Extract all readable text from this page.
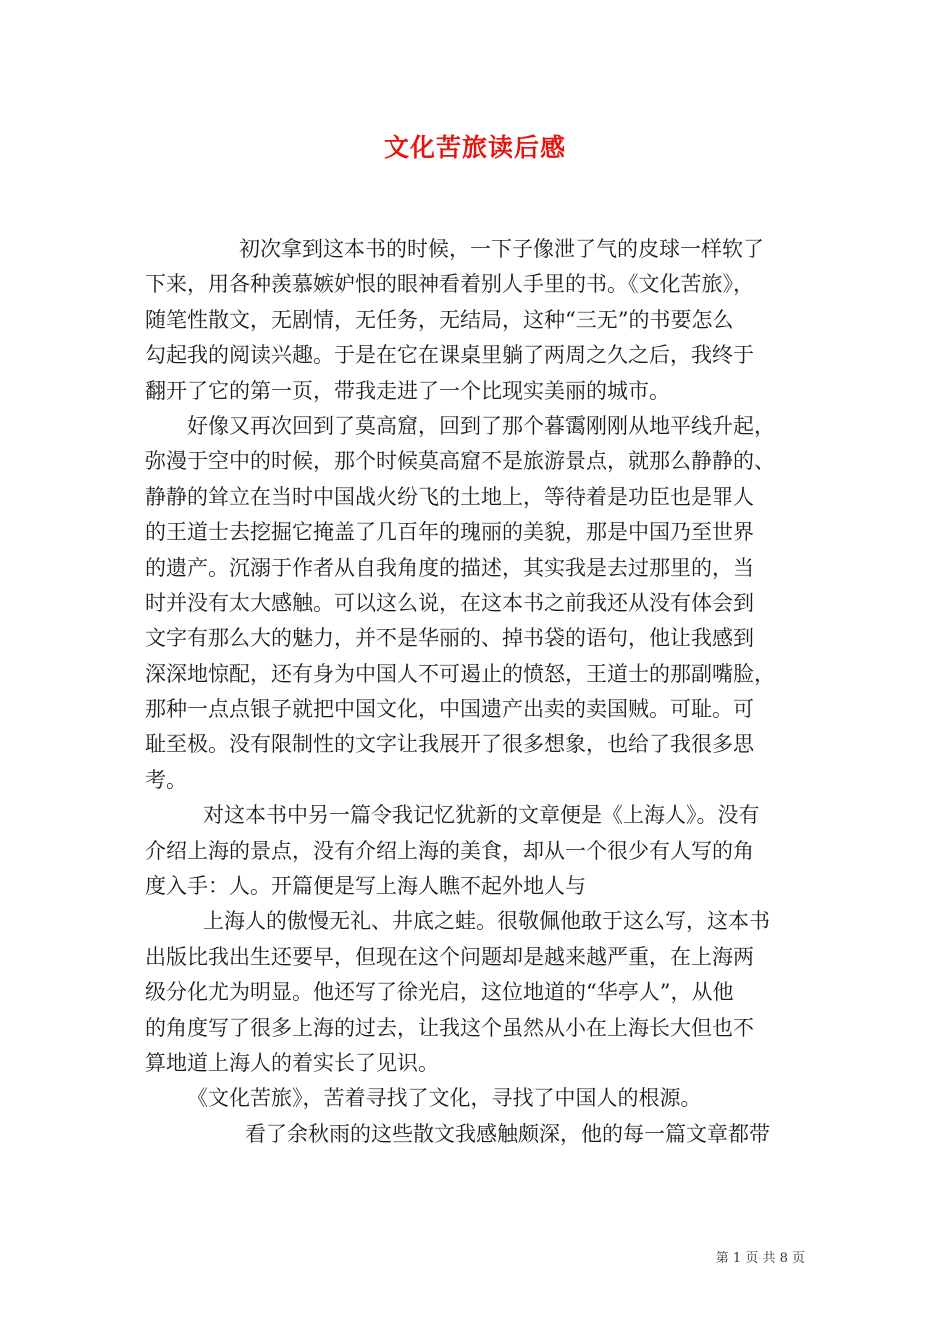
文化苦旅读后感
初次拿到这本书的时候，一下子像泄了气的皮球一样软了
下来，用各种羡慕嫉妒恨的眼神看着别人手里的书。《文化苦旅》，
随笔性散文，无剧情，无任务，无结局，这种“三无”的书要怎么
勾起我的阅读兴趣。于是在它在课桌里躺了两周之久之后，我终于
翻开了它的第一页，带我走进了一个比现实美丽的城市。
好像又再次回到了莫高窟，回到了那个暮霭刚刚从地平线升起，
弥漫于空中的时候，那个时候莫高窟不是旅游景点，就那么静静的、
静静的耸立在当时中国战火纷飞的土地上，等待着是功臣也是罪人
的王道士去挖掘它掩盖了几百年的瑰丽的美貌，那是中国乃至世界
的遗产。沉溺于作者从自我角度的描述，其实我是去过那里的，当
时并没有太大感触。可以这么说，在这本书之前我还从没有体会到
文字有那么大的魅力，并不是华丽的、掉书袋的语句，他让我感到
深深地惊配，还有身为中国人不可遏止的愤怒，王道士的那副嘴脸，
那种一点点银子就把中国文化，中国遗产出卖的卖国贼。可耻。可
耻至极。没有限制性的文字让我展开了很多想象，也给了我很多思
考。
对这本书中另一篇令我记忆犹新的文章便是《上海人》。没有
介绍上海的景点，没有介绍上海的美食，却从一个很少有人写的角
度入手：人。开篇便是写上海人瞧不起外地人与
上海人的傲慢无礼、井底之蛙。很敬佩他敢于这么写，这本书
出版比我出生还要早，但现在这个问题却是越来越严重，在上海两
级分化尤为明显。他还写了徐光启，这位地道的“华亭人”，从他
的角度写了很多上海的过去，让我这个虽然从小在上海长大但也不
算地道上海人的着实长了见识。
《文化苦旅》，苦着寻找了文化，寻找了中国人的根源。
看了余秋雨的这些散文我感触颇深，他的每一篇文章都带
第 1 页 共 8 页
